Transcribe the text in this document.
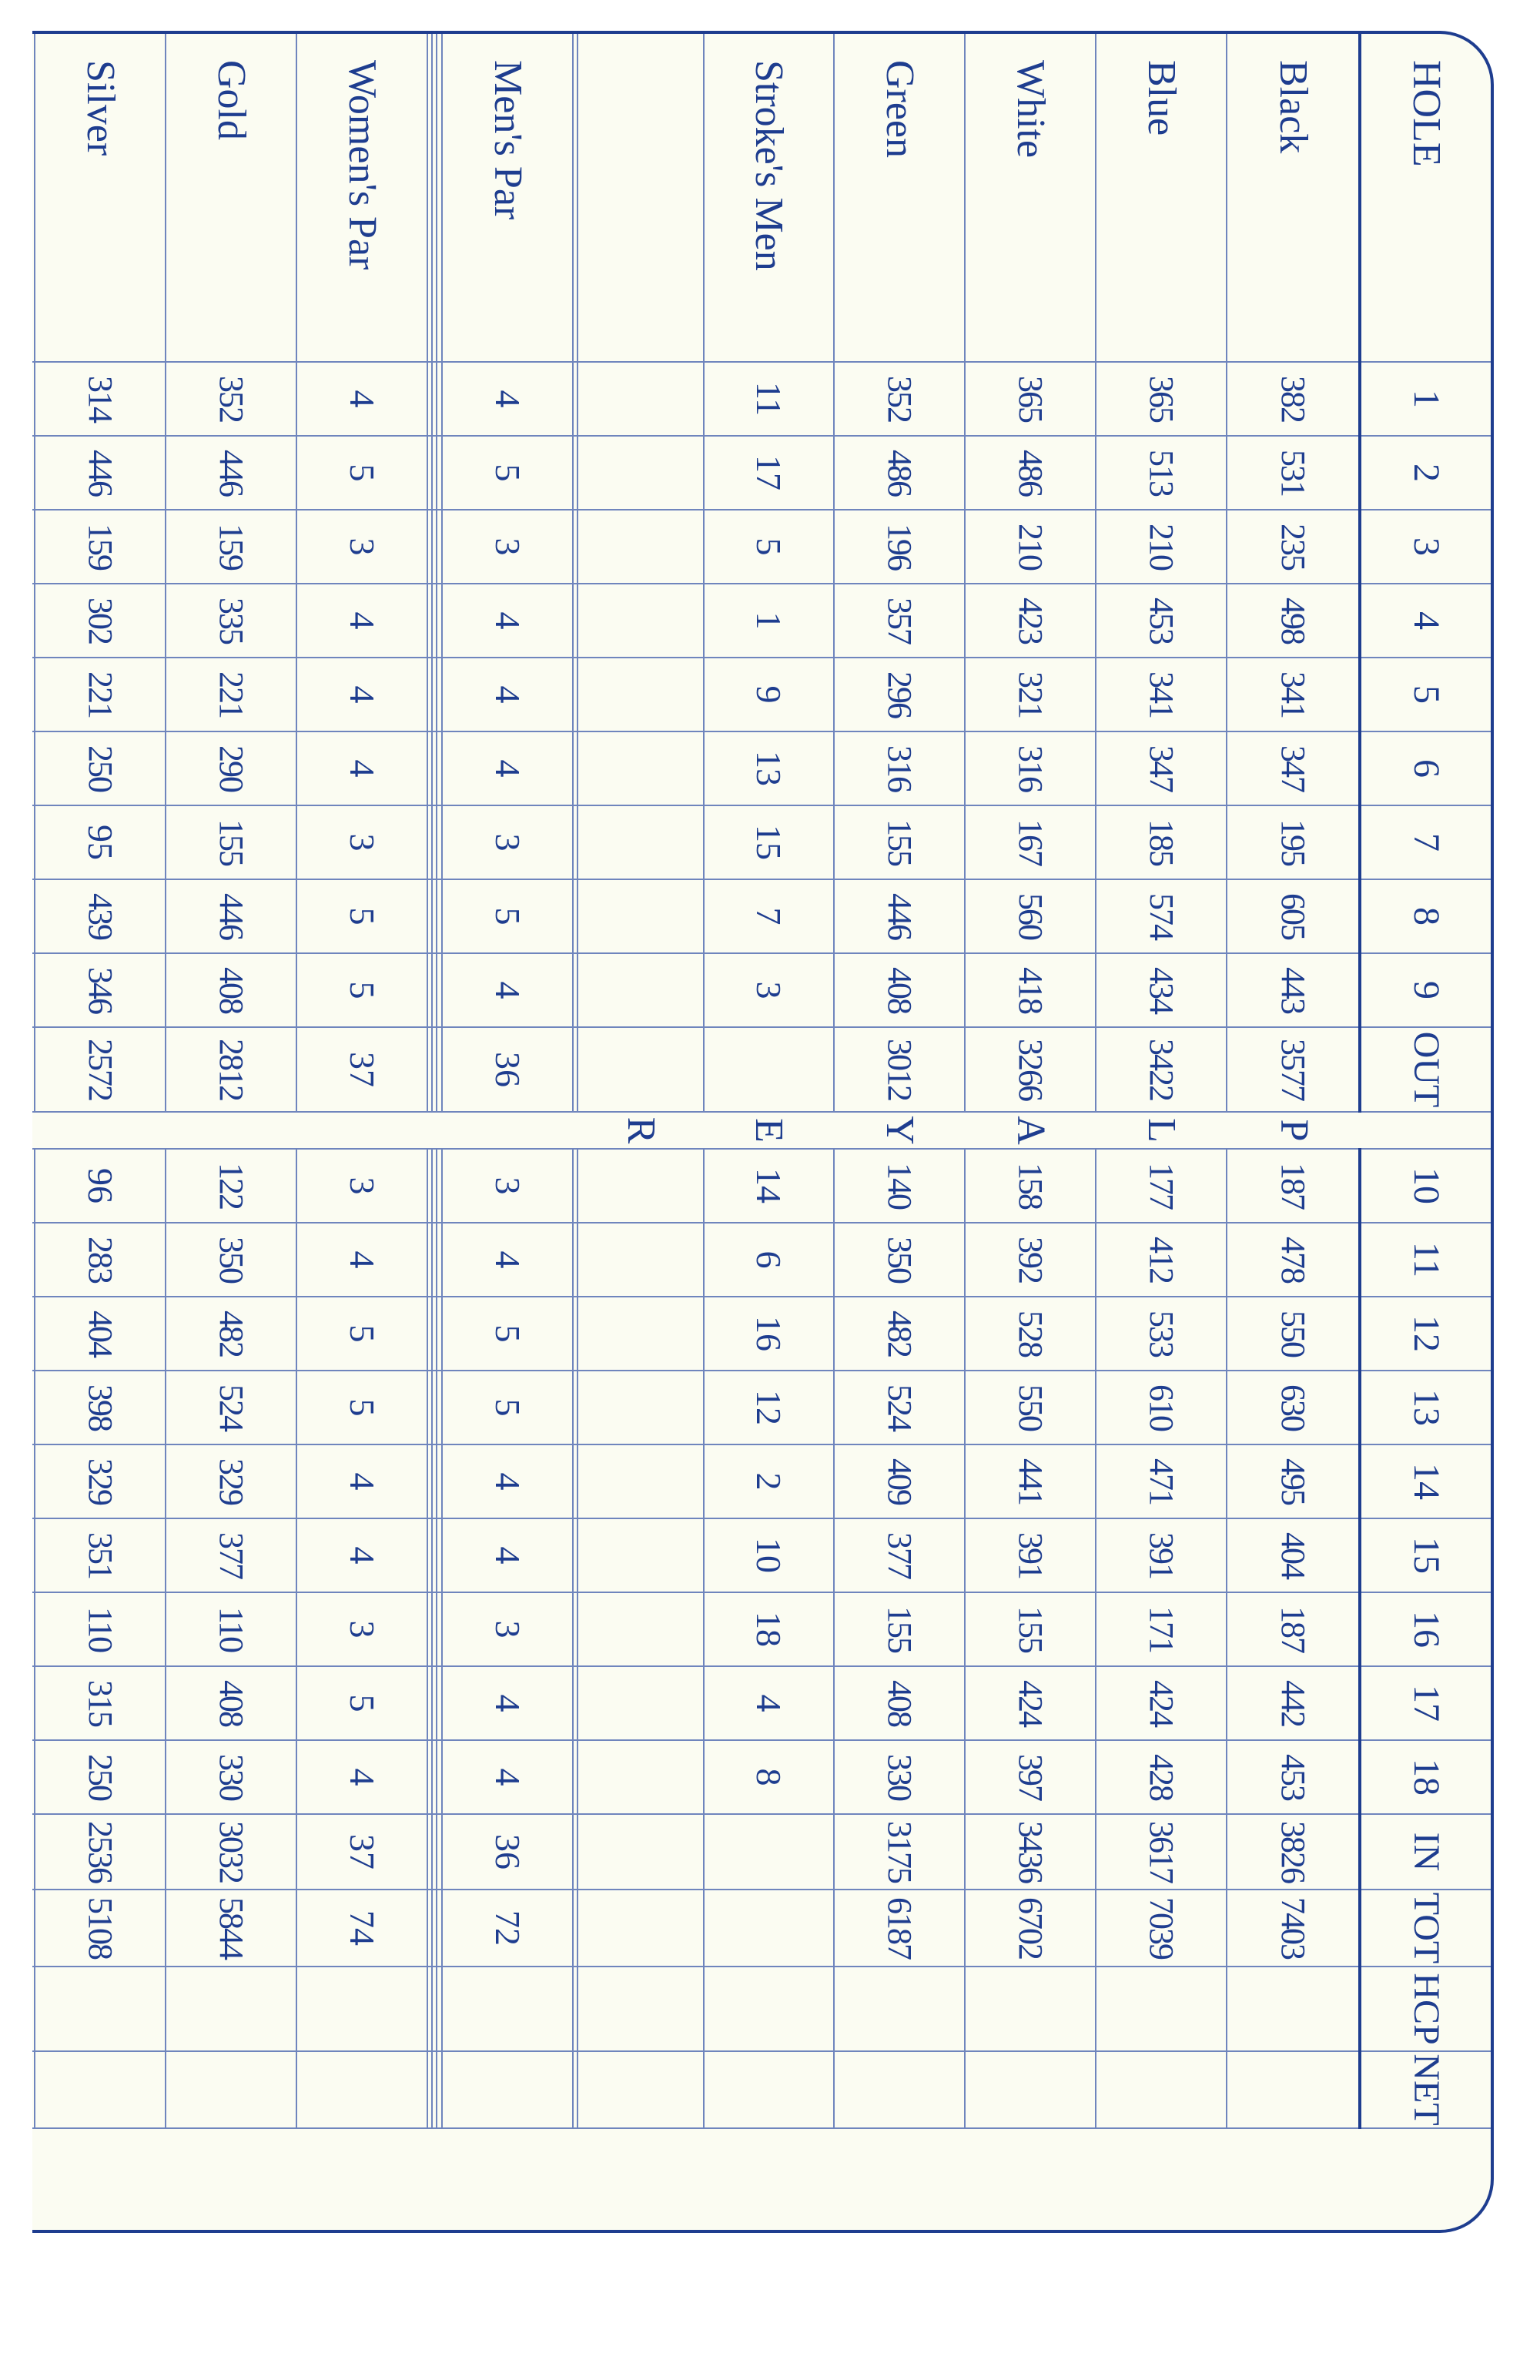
HOLE	1	2	3	4	5	6	7	8	9	OUT		10	11	12	13	14	15	16	17	18	IN	TOT	HCP	NET
Black	382	531	235	498	341	347	195	605	443	3577	P	187	478	550	630	495	404	187	442	453	3826	7403		
Blue	365	513	210	453	341	347	185	574	434	3422	L	177	412	533	610	471	391	171	424	428	3617	7039		
White	365	486	210	423	321	316	167	560	418	3266	A	158	392	528	550	441	391	155	424	397	3436	6702		
Green	352	486	196	357	296	316	155	446	408	3012	Y	140	350	482	524	409	377	155	408	330	3175	6187		
Stroke's Men	11	17	5	1	9	13	15	7	3		E	14	6	16	12	2	10	18	4	8				
											R													

Men's Par	4	5	3	4	4	4	3	5	4	36		3	4	5	5	4	4	3	4	4	36	72		

Women's Par	4	5	3	4	4	4	3	5	5	37		3	4	5	5	4	4	3	5	4	37	74		
Gold	352	446	159	335	221	290	155	446	408	2812		122	350	482	524	329	377	110	408	330	3032	5844		
Silver	314	446	159	302	221	250	95	439	346	2572		96	283	404	398	329	351	110	315	250	2536	5108		
